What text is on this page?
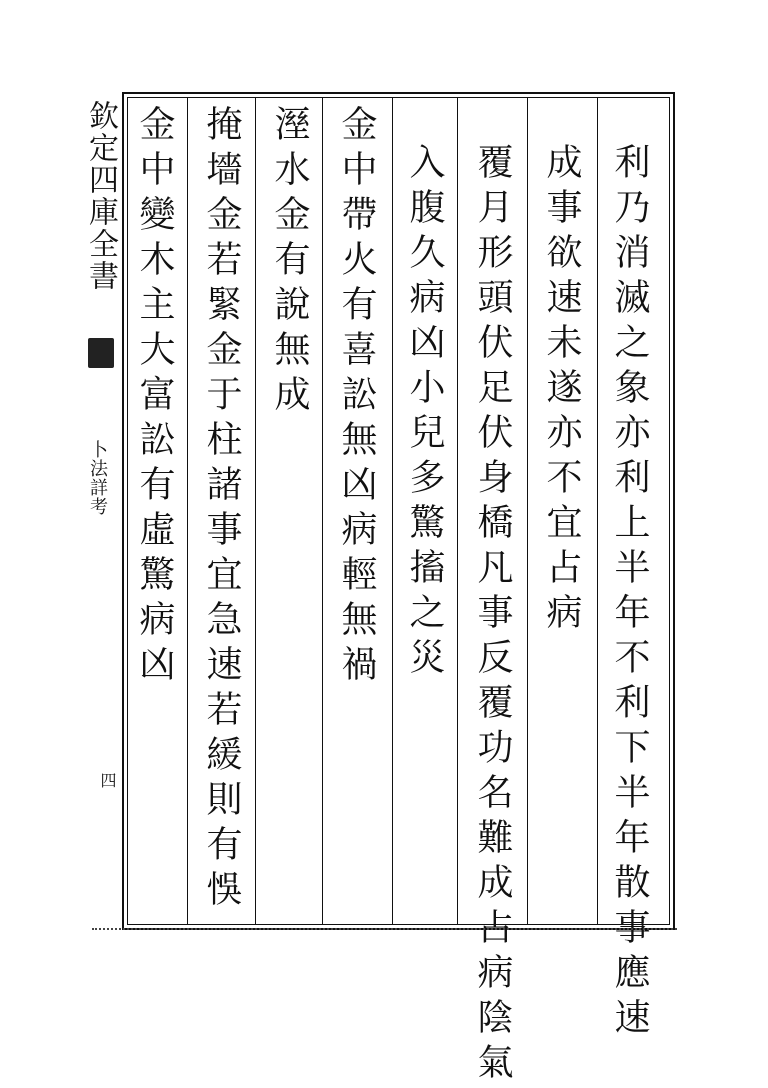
欽定四庫全書
卜法詳考
四	利乃消滅之象亦利上半年不利下半年散事應速
成事欲速未遂亦不宜占病
覆月形頭伏足伏身橋凡事反覆功名難成占病陰氣
入腹久病凶小兒多驚搐之災
金中帶火有喜訟無凶病輕無禍
溼水金有說無成
掩墻金若緊金于柱諸事宜急速若緩則有悞
金中變木主大富訟有虛驚病凶
